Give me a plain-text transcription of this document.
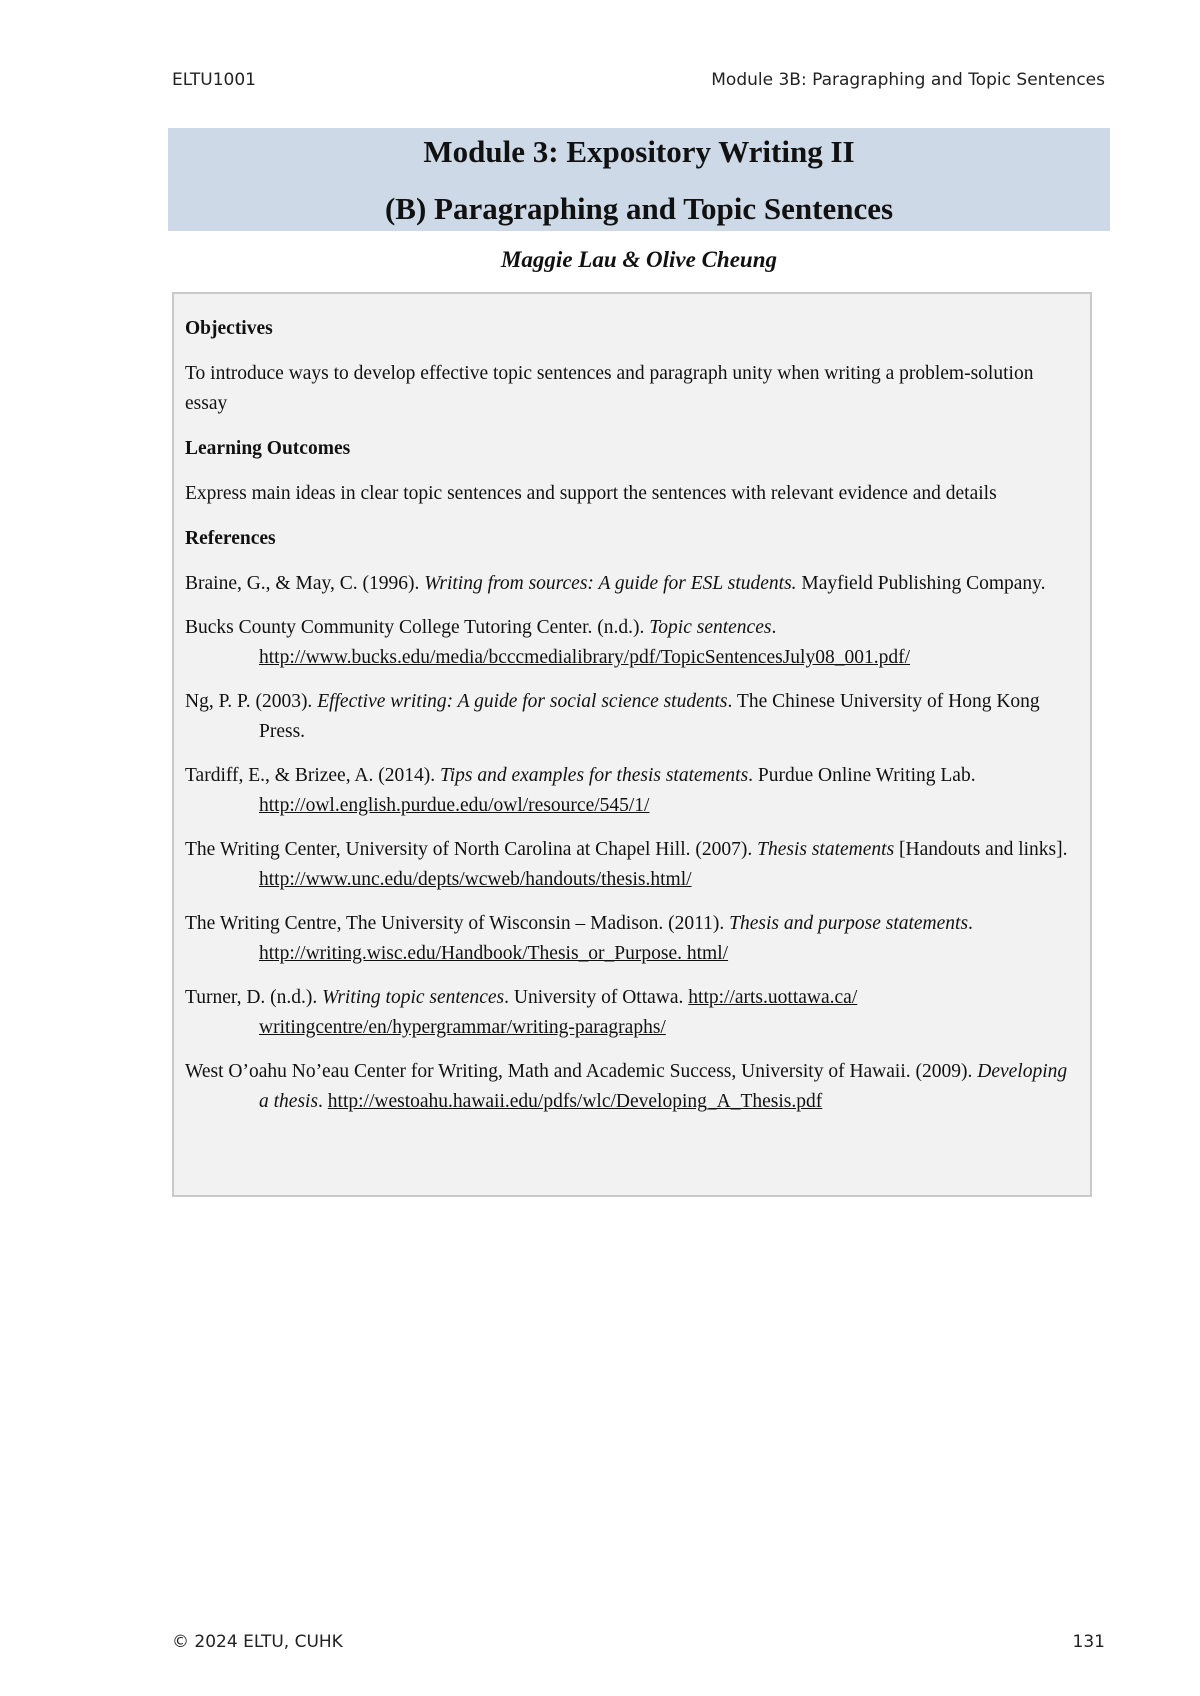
ELTU1001	Module 3B: Paragraphing and Topic Sentences
Module 3: Expository Writing II
(B) Paragraphing and Topic Sentences
Maggie Lau & Olive Cheung
Objectives
To introduce ways to develop effective topic sentences and paragraph unity when writing a problem-solution essay
Learning Outcomes
Express main ideas in clear topic sentences and support the sentences with relevant evidence and details
References
Braine, G., & May, C. (1996). Writing from sources: A guide for ESL students. Mayfield Publishing Company.
Bucks County Community College Tutoring Center. (n.d.). Topic sentences. http://www.bucks.edu/media/bcccmedialibrary/pdf/TopicSentencesJuly08_001.pdf/
Ng, P. P. (2003). Effective writing: A guide for social science students. The Chinese University of Hong Kong Press.
Tardiff, E., & Brizee, A. (2014). Tips and examples for thesis statements. Purdue Online Writing Lab. http://owl.english.purdue.edu/owl/resource/545/1/
The Writing Center, University of North Carolina at Chapel Hill. (2007). Thesis statements [Handouts and links]. http://www.unc.edu/depts/wcweb/handouts/thesis.html/
The Writing Centre, The University of Wisconsin – Madison. (2011). Thesis and purpose statements. http://writing.wisc.edu/Handbook/Thesis_or_Purpose. html/
Turner, D. (n.d.). Writing topic sentences. University of Ottawa. http://arts.uottawa.ca/ writingcentre/en/hypergrammar/writing-paragraphs/
West O’oahu No’eau Center for Writing, Math and Academic Success, University of Hawaii. (2009). Developing a thesis. http://westoahu.hawaii.edu/pdfs/wlc/Developing_A_Thesis.pdf
© 2024 ELTU, CUHK	131
